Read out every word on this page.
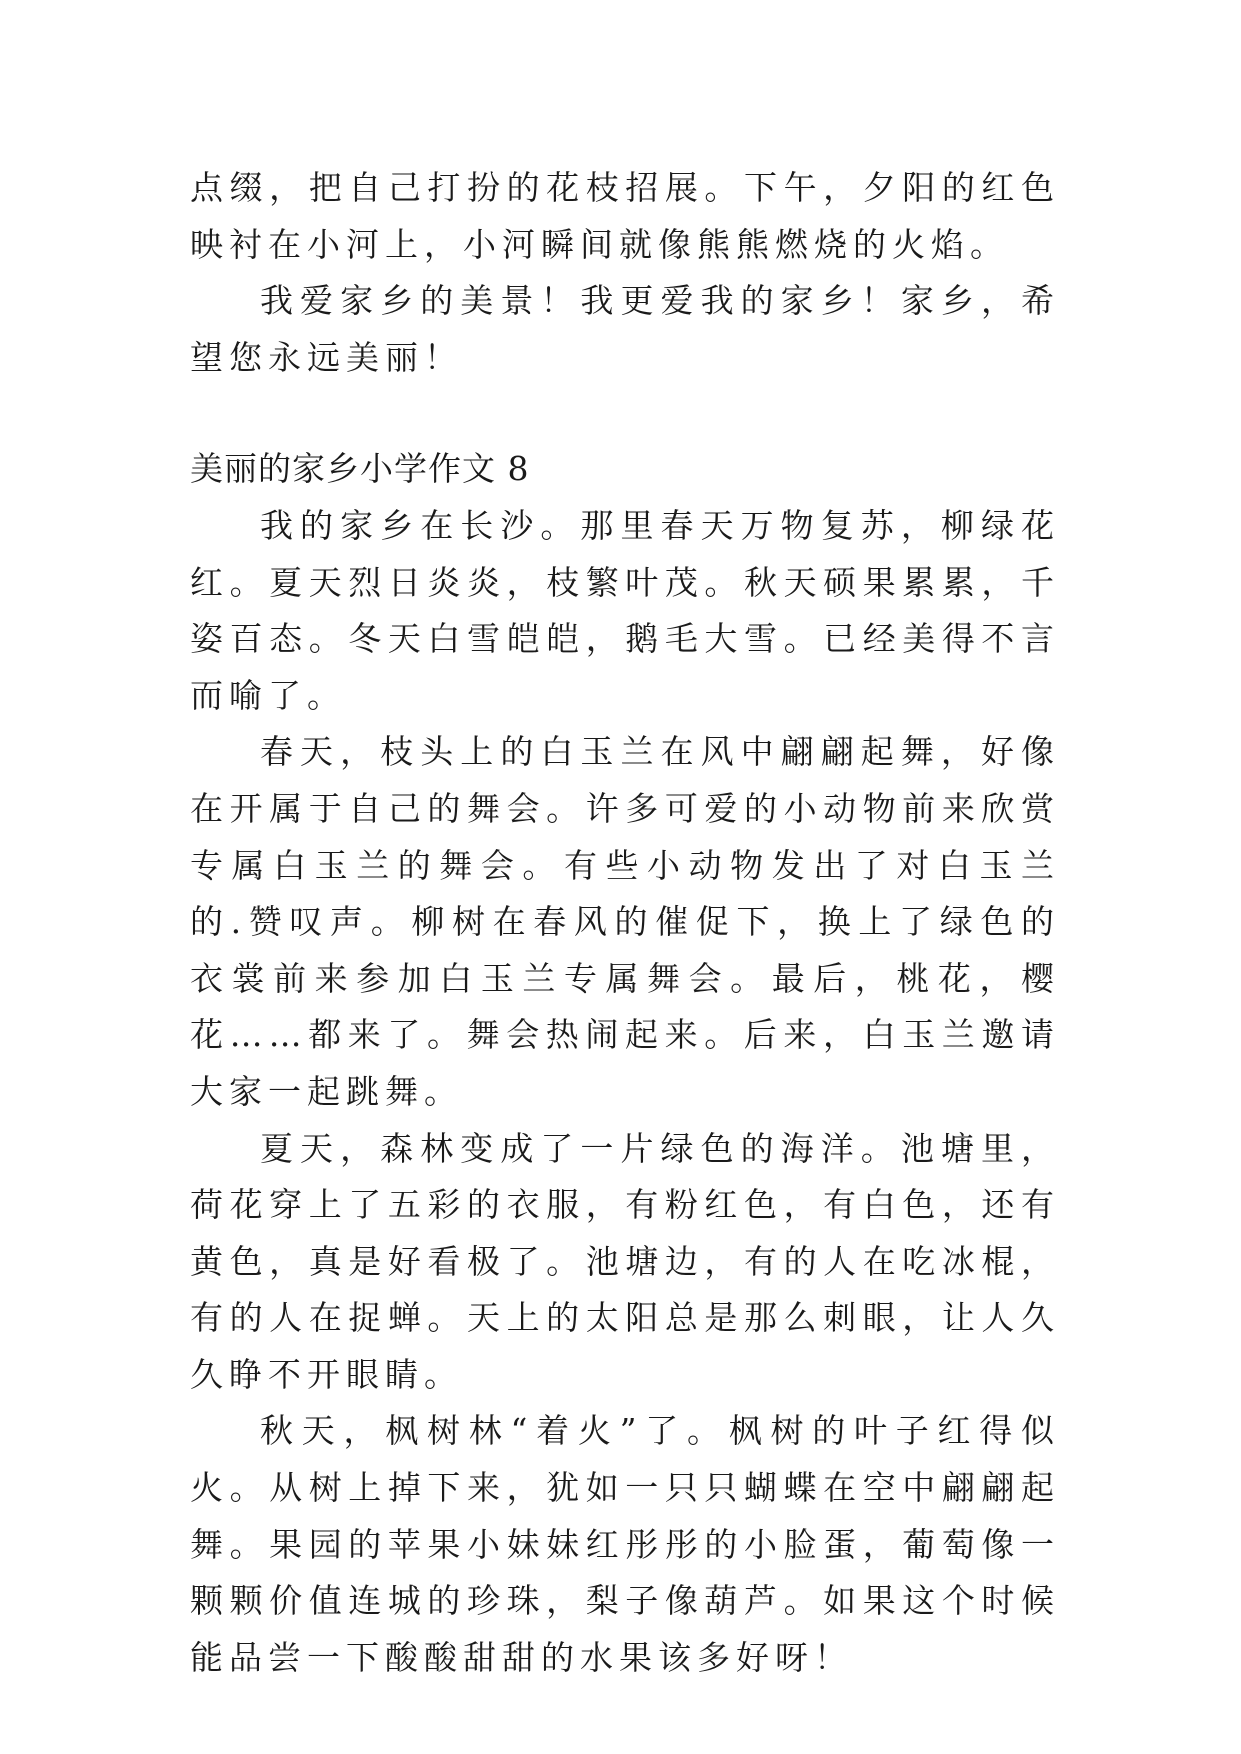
点缀，把自己打扮的花枝招展。下午，夕阳的红色映衬在小河上，小河瞬间就像熊熊燃烧的火焰。

我爱家乡的美景！我更爱我的家乡！家乡，希望您永远美丽！

美丽的家乡小学作文 8

我的家乡在长沙。那里春天万物复苏，柳绿花红。夏天烈日炎炎，枝繁叶茂。秋天硕果累累，千姿百态。冬天白雪皑皑，鹅毛大雪。已经美得不言而喻了。

春天，枝头上的白玉兰在风中翩翩起舞，好像在开属于自己的舞会。许多可爱的小动物前来欣赏专属白玉兰的舞会。有些小动物发出了对白玉兰的.赞叹声。柳树在春风的催促下，换上了绿色的衣裳前来参加白玉兰专属舞会。最后，桃花，樱花……都来了。舞会热闹起来。后来，白玉兰邀请大家一起跳舞。

夏天，森林变成了一片绿色的海洋。池塘里，荷花穿上了五彩的衣服，有粉红色，有白色，还有黄色，真是好看极了。池塘边，有的人在吃冰棍，有的人在捉蝉。天上的太阳总是那么刺眼，让人久久睁不开眼睛。

秋天，枫树林“着火”了。枫树的叶子红得似火。从树上掉下来，犹如一只只蝴蝶在空中翩翩起舞。果园的苹果小妹妹红彤彤的小脸蛋，葡萄像一颗颗价值连城的珍珠，梨子像葫芦。如果这个时候能品尝一下酸酸甜甜的水果该多好呀！
